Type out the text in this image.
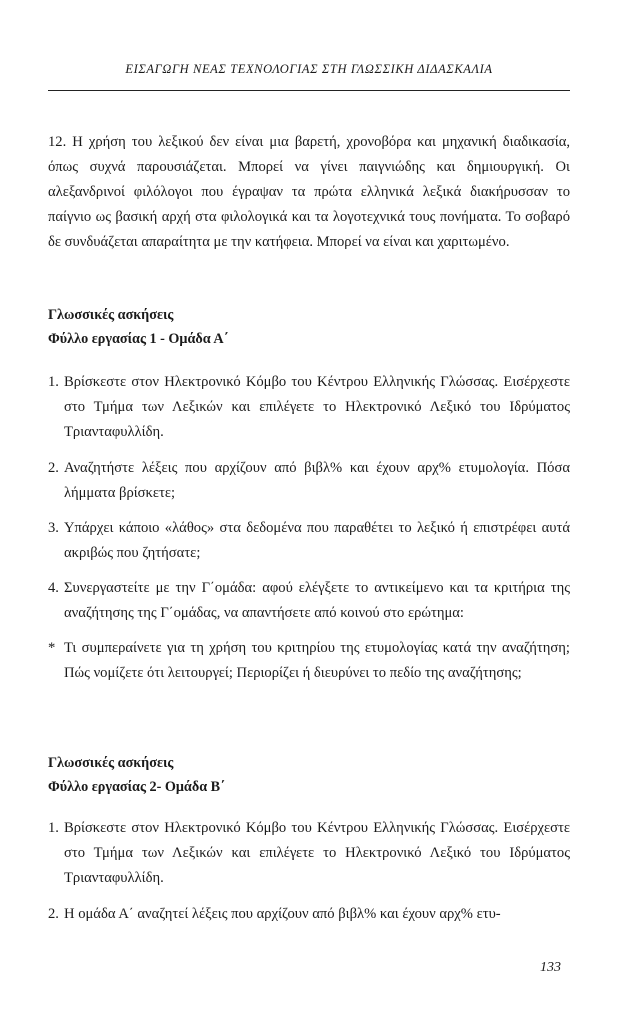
ΕΙΣΑΓΩΓΗ ΝΕΑΣ ΤΕΧΝΟΛΟΓΙΑΣ ΣΤΗ ΓΛΩΣΣΙΚΗ ΔΙΔΑΣΚΑΛΙΑ

12. Η χρήση του λεξικού δεν είναι μια βαρετή, χρονοβόρα και μηχανική διαδικασία, όπως συχνά παρουσιάζεται. Μπορεί να γίνει παιγνιώδης και δημιουργική. Οι αλεξανδρινοί φιλόλογοι που έγραψαν τα πρώτα ελληνικά λεξικά διακήρυσσαν το παίγνιο ως βασική αρχή στα φιλολογικά και τα λογοτεχνικά τους πονήματα. Το σοβαρό δε συνδυάζεται απαραίτητα με την κατήφεια. Μπορεί να είναι και χαριτωμένο.

Γλωσσικές ασκήσεις
Φύλλο εργασίας 1 - Ομάδα Α΄
1. Βρίσκεστε στον Ηλεκτρονικό Κόμβο του Κέντρου Ελληνικής Γλώσσας. Εισέρχεστε στο Τμήμα των Λεξικών και επιλέγετε το Ηλεκτρονικό Λεξικό του Ιδρύματος Τριανταφυλλίδη.
2. Αναζητήστε λέξεις που αρχίζουν από βιβλ% και έχουν αρχ% ετυμολογία. Πόσα λήμματα βρίσκετε;
3. Υπάρχει κάποιο «λάθος» στα δεδομένα που παραθέτει το λεξικό ή επιστρέφει αυτά ακριβώς που ζητήσατε;
4. Συνεργαστείτε με την Γ΄ομάδα: αφού ελέγξετε το αντικείμενο και τα κριτήρια της αναζήτησης της Γ΄ομάδας, να απαντήσετε από κοινού στο ερώτημα:
* Τι συμπεραίνετε για τη χρήση του κριτηρίου της ετυμολογίας κατά την αναζήτηση; Πώς νομίζετε ότι λειτουργεί; Περιορίζει ή διευρύνει το πεδίο της αναζήτησης;
Γλωσσικές ασκήσεις
Φύλλο εργασίας 2- Ομάδα Β΄
1. Βρίσκεστε στον Ηλεκτρονικό Κόμβο του Κέντρου Ελληνικής Γλώσσας. Εισέρχεστε στο Τμήμα των Λεξικών και επιλέγετε το Ηλεκτρονικό Λεξικό του Ιδρύματος Τριανταφυλλίδη.
2. Η ομάδα Α΄ αναζητεί λέξεις που αρχίζουν από βιβλ% και έχουν αρχ% ετυ-
133
